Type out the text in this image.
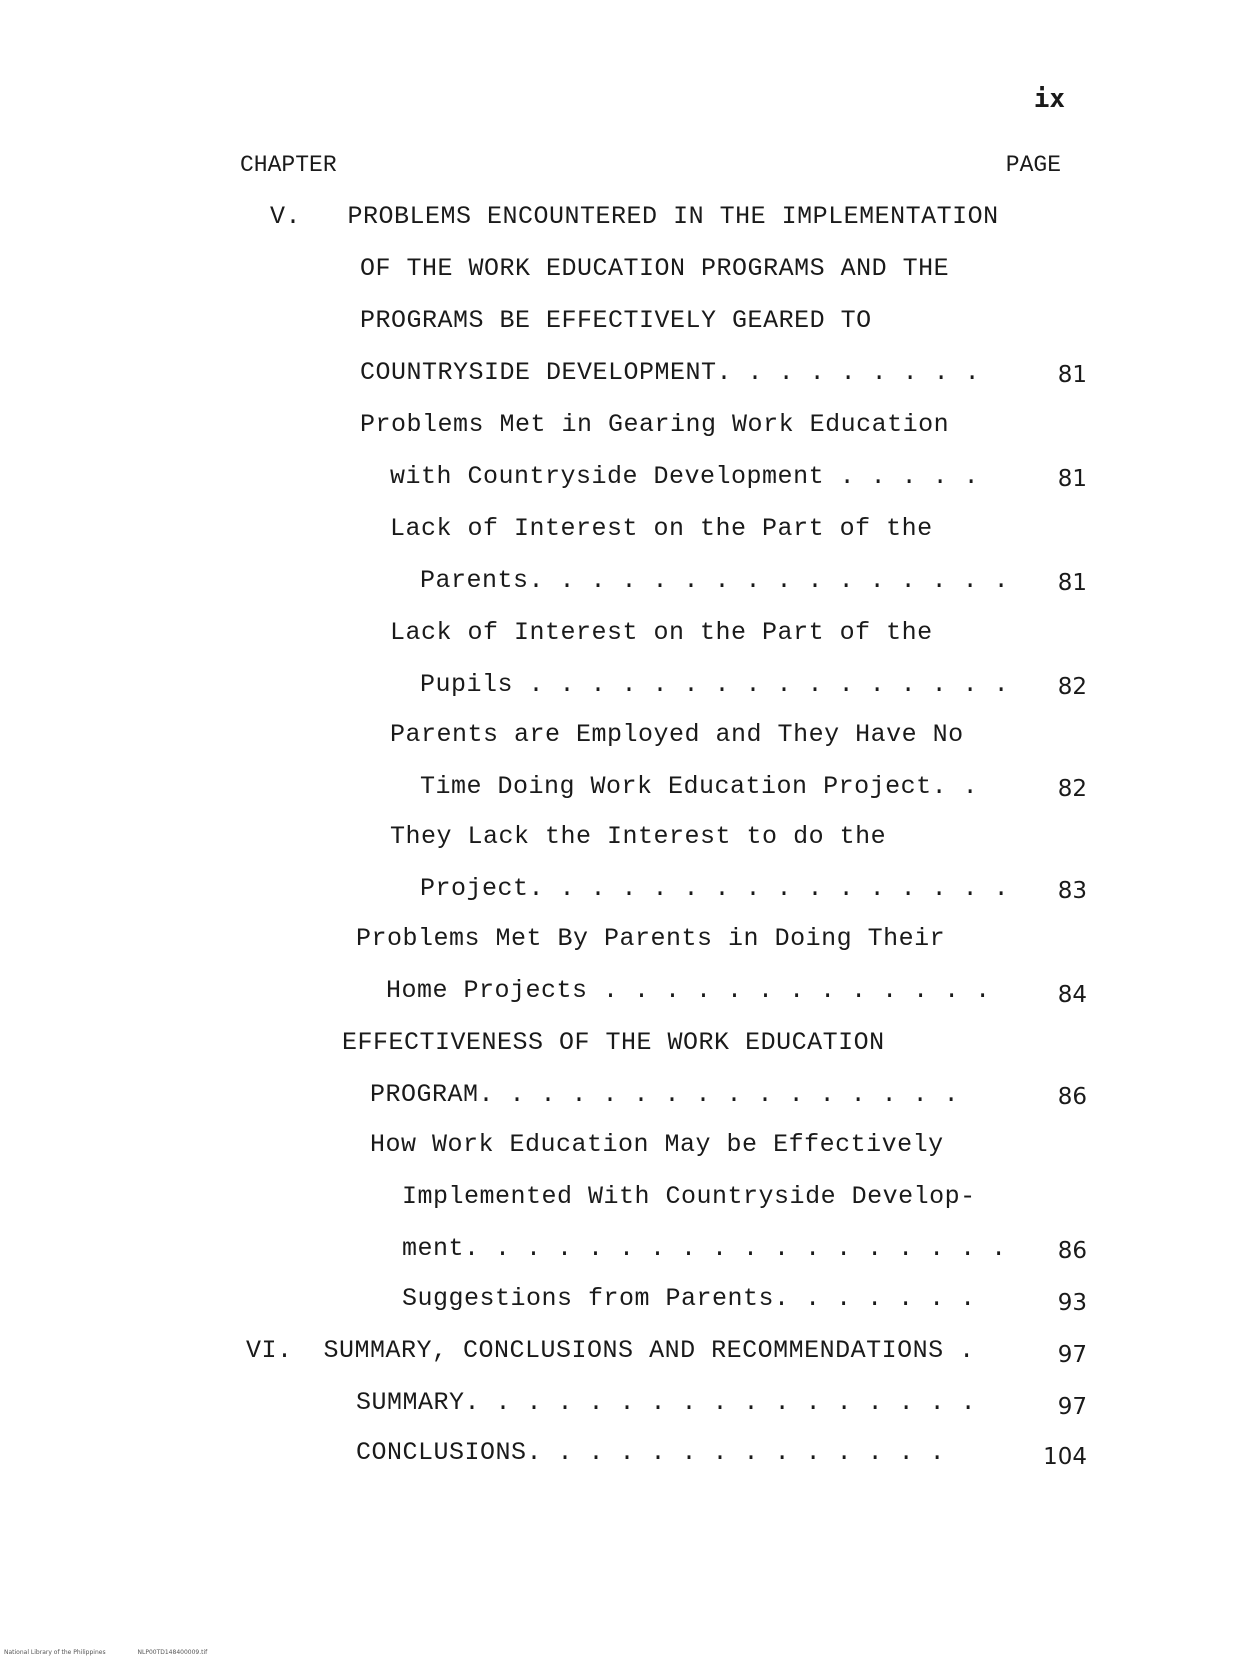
ix
CHAPTER	PAGE
V.   PROBLEMS ENCOUNTERED IN THE IMPLEMENTATION
OF THE WORK EDUCATION PROGRAMS AND THE
PROGRAMS BE EFFECTIVELY GEARED TO
COUNTRYSIDE DEVELOPMENT. . . . . . . . .	81
Problems Met in Gearing Work Education
with Countryside Development . . . . .	81
Lack of Interest on the Part of the
Parents. . . . . . . . . . . . . . . . 81
Lack of Interest on the Part of the
Pupils . . . . . . . . . . . . . . . . 82
Parents are Employed and They Have No
Time Doing Work Education Project. .	82
They Lack the Interest to do the
Project. . . . . . . . . . . . . . . . 83
Problems Met By Parents in Doing Their
Home Projects . . . . . . . . . . . . .	84
EFFECTIVENESS OF THE WORK EDUCATION
PROGRAM. . . . . . . . . . . . . . . .	86
How Work Education May be Effectively
Implemented With Countryside Develop-
ment. . . . . . . . . . . . . . . . . . 86
Suggestions from Parents. . . . . . .	93
VI.  SUMMARY, CONCLUSIONS AND RECOMMENDATIONS .	97
SUMMARY. . . . . . . . . . . . . . . . .	97
CONCLUSIONS. . . . . . . . . . . . . .	104
National Library of the Philippines	NLP00TD148400009.tif
